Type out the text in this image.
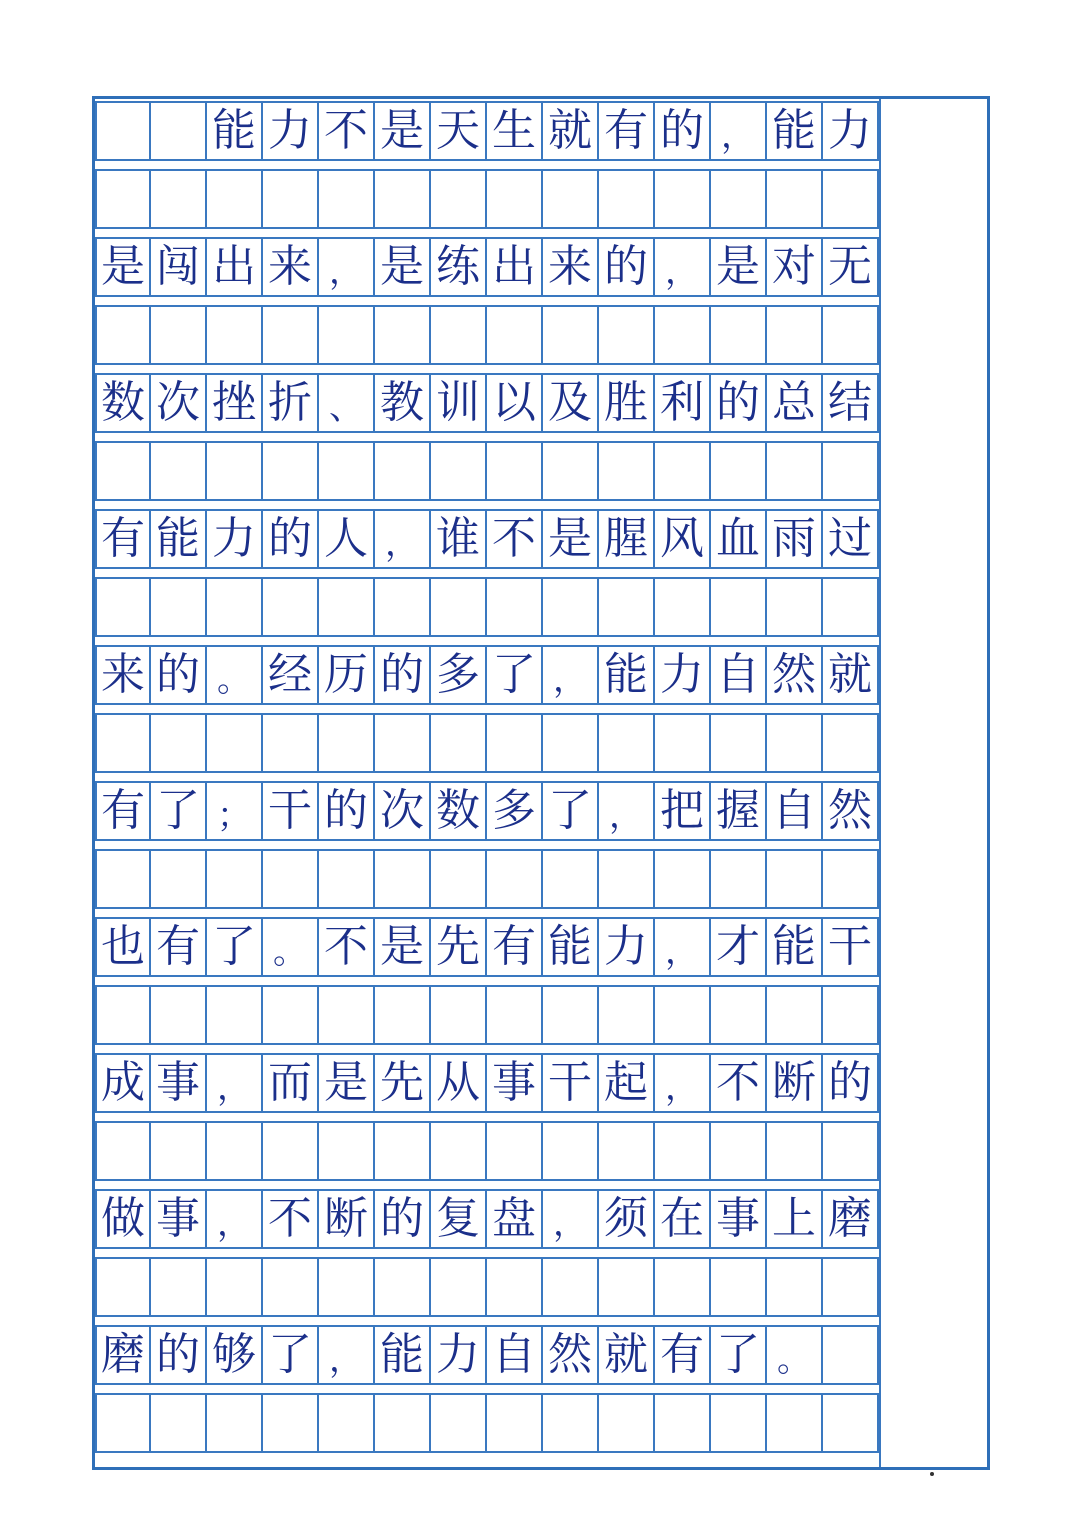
能 力 不 是 天 生 就 有 的 ， 能 力
是 闯 出 来 ， 是 练 出 来 的 ， 是 对 无
数 次 挫 折 、 教 训 以 及 胜 利 的 总 结
有 能 力 的 人 ， 谁 不 是 腥 风 血 雨 过
来 的 。 经 历 的 多 了 ， 能 力 自 然 就
有 了 ； 干 的 次 数 多 了 ， 把 握 自 然
也 有 了 。 不 是 先 有 能 力 ， 才 能 干
成 事 ， 而 是 先 从 事 干 起 ， 不 断 的
做 事 ， 不 断 的 复 盘 ， 须 在 事 上 磨
磨 的 够 了 ， 能 力 自 然 就 有 了 。
